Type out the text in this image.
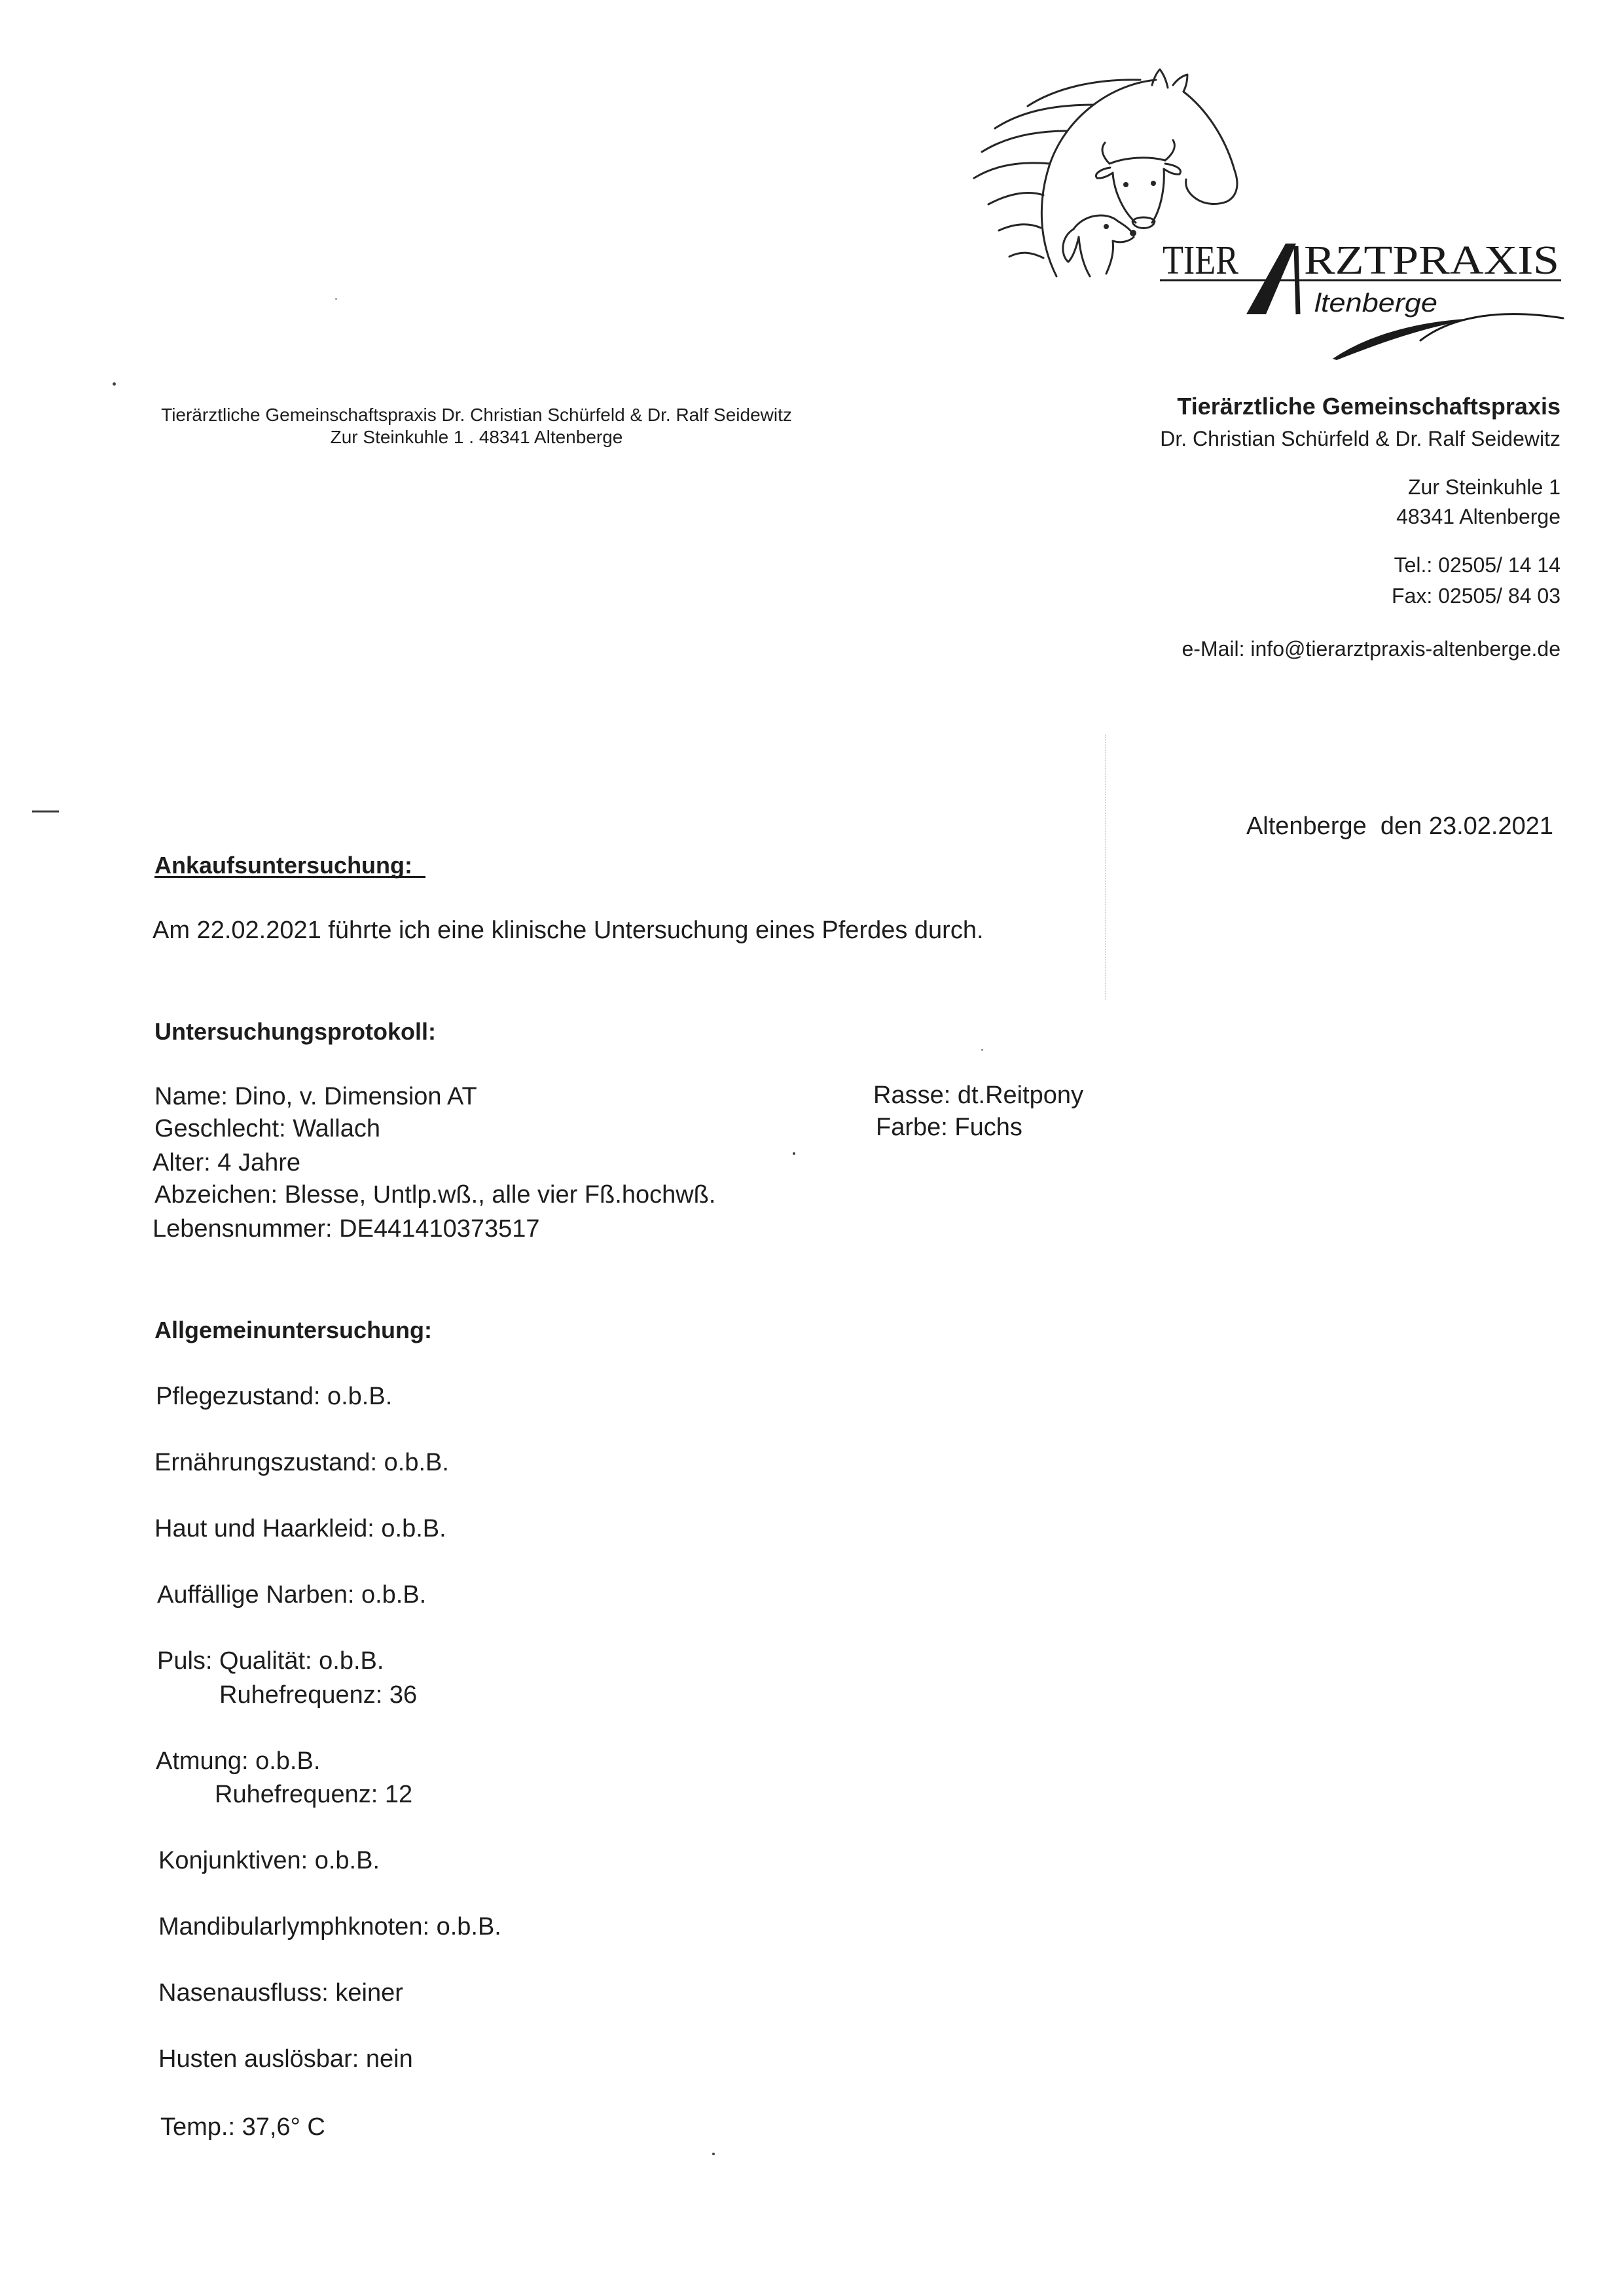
TIER RZTPRAXIS
ltenberge
Tierärztliche Gemeinschaftspraxis Dr. Christian Schürfeld & Dr. Ralf Seidewitz
Zur Steinkuhle 1 . 48341 Altenberge
Tierärztliche Gemeinschaftspraxis
Dr. Christian Schürfeld & Dr. Ralf Seidewitz
Zur Steinkuhle 1
48341 Altenberge
Tel.: 02505/ 14 14
Fax: 02505/ 84 03
e-Mail: info@tierarztpraxis-altenberge.de
Altenberge  den 23.02.2021
Ankaufsuntersuchung:
Am 22.02.2021 führte ich eine klinische Untersuchung eines Pferdes durch.
Untersuchungsprotokoll:
Name: Dino, v. Dimension AT
Geschlecht: Wallach
Alter: 4 Jahre
Abzeichen: Blesse, Untlp.wß., alle vier Fß.hochwß.
Lebensnummer: DE441410373517
Rasse: dt.Reitpony
Farbe: Fuchs
Allgemeinuntersuchung:
Pflegezustand: o.b.B.
Ernährungszustand: o.b.B.
Haut und Haarkleid: o.b.B.
Auffällige Narben: o.b.B.
Puls: Qualität: o.b.B.
Ruhefrequenz: 36
Atmung: o.b.B.
Ruhefrequenz: 12
Konjunktiven: o.b.B.
Mandibularlymphknoten: o.b.B.
Nasenausfluss: keiner
Husten auslösbar: nein
Temp.: 37,6° C
